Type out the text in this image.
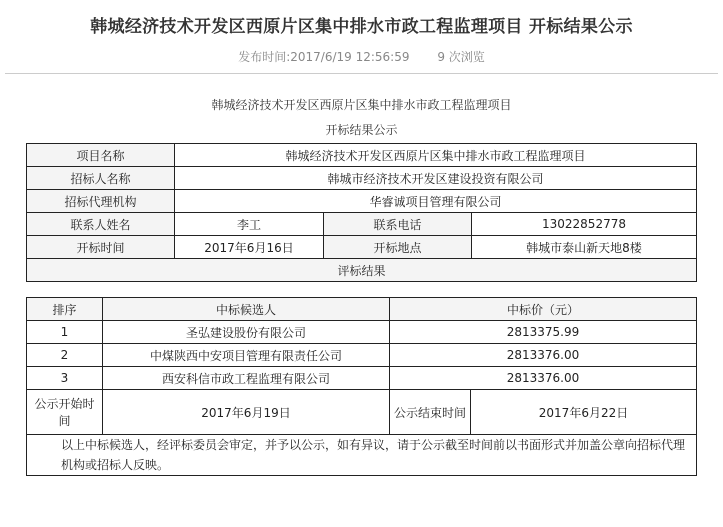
韩城经济技术开发区西原片区集中排水市政工程监理项目 开标结果公示
发布时间:2017/6/19 12:56:59 9 次浏览
韩城经济技术开发区西原片区集中排水市政工程监理项目
开标结果公示
项目名称	韩城经济技术开发区西原片区集中排水市政工程监理项目		
招标人名称	韩城市经济技术开发区建设投资有限公司		
招标代理机构	华睿诚项目管理有限公司		
联系人姓名	李工	联系电话	13022852778
开标时间	2017年6月16日	开标地点	韩城市泰山新天地8楼
评标结果			
排序	中标候选人	中标价（元）	
1	圣弘建设股份有限公司	2813375.99	
2	中煤陕西中安项目管理有限责任公司	2813376.00	
3	西安科信市政工程监理有限公司	2813376.00	
公示开始时间	2017年6月19日	公示结束时间	2017年6月22日
以上中标候选人，经评标委员会审定，并予以公示，如有异议，请于公示截至时间前以书面形式并加盖公章向招标代理机构或招标人反映。			
